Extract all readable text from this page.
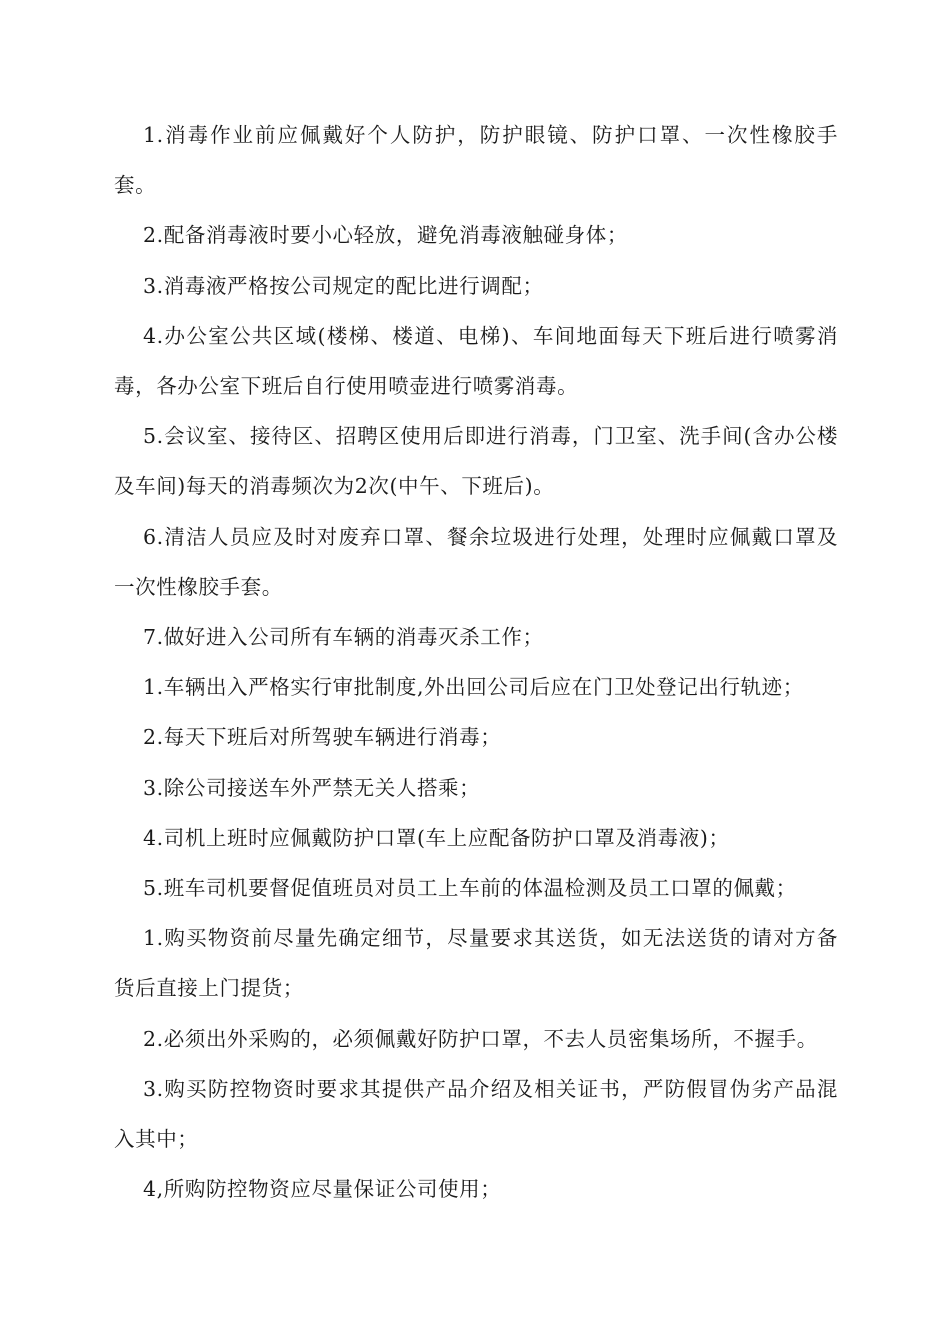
1.消毒作业前应佩戴好个人防护，防护眼镜、防护口罩、一次性橡胶手套。

2.配备消毒液时要小心轻放，避免消毒液触碰身体；

3.消毒液严格按公司规定的配比进行调配；

4.办公室公共区域(楼梯、楼道、电梯)、车间地面每天下班后进行喷雾消毒，各办公室下班后自行使用喷壶进行喷雾消毒。

5.会议室、接待区、招聘区使用后即进行消毒，门卫室、洗手间(含办公楼及车间)每天的消毒频次为2次(中午、下班后)。

6.清洁人员应及时对废弃口罩、餐余垃圾进行处理，处理时应佩戴口罩及一次性橡胶手套。

7.做好进入公司所有车辆的消毒灭杀工作；

1.车辆出入严格实行审批制度,外出回公司后应在门卫处登记出行轨迹；

2.每天下班后对所驾驶车辆进行消毒；

3.除公司接送车外严禁无关人搭乘；

4.司机上班时应佩戴防护口罩(车上应配备防护口罩及消毒液)；

5.班车司机要督促值班员对员工上车前的体温检测及员工口罩的佩戴；

1.购买物资前尽量先确定细节，尽量要求其送货，如无法送货的请对方备货后直接上门提货；

2.必须出外采购的，必须佩戴好防护口罩，不去人员密集场所，不握手。

3.购买防控物资时要求其提供产品介绍及相关证书，严防假冒伪劣产品混入其中；

4,所购防控物资应尽量保证公司使用；
